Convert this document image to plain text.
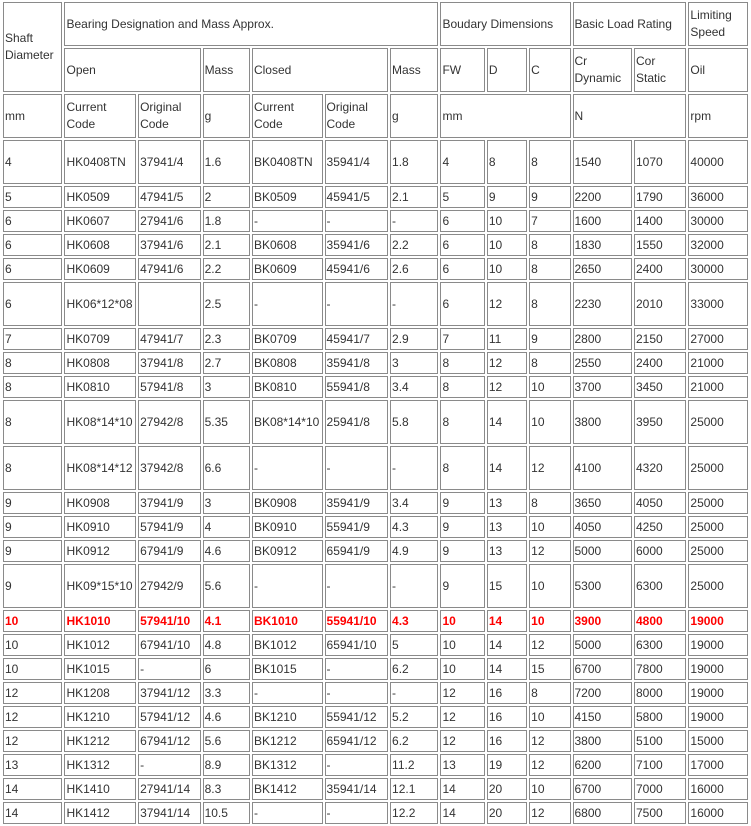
Shaft Diameter	Bearing Designation and Mass Approx.						Boudary Dimensions			Basic Load Rating		Limiting Speed
	Open		Mass	Closed		Mass	FW	D	C	Cr Dynamic	Cor Static	Oil
mm	Current Code	Original Code	g	Current Code	Original Code	g	mm			N		rpm
4	HK0408TN	37941/4	1.6	BK0408TN	35941/4	1.8	4	8	8	1540	1070	40000
5	HK0509	47941/5	2	BK0509	45941/5	2.1	5	9	9	2200	1790	36000
6	HK0607	27941/6	1.8	-	-	-	6	10	7	1600	1400	30000
6	HK0608	37941/6	2.1	BK0608	35941/6	2.2	6	10	8	1830	1550	32000
6	HK0609	47941/6	2.2	BK0609	45941/6	2.6	6	10	8	2650	2400	30000
6	HK06*12*08		2.5	-	-	-	6	12	8	2230	2010	33000
7	HK0709	47941/7	2.3	BK0709	45941/7	2.9	7	11	9	2800	2150	27000
8	HK0808	37941/8	2.7	BK0808	35941/8	3	8	12	8	2550	2400	21000
8	HK0810	57941/8	3	BK0810	55941/8	3.4	8	12	10	3700	3450	21000
8	HK08*14*10	27942/8	5.35	BK08*14*10	25941/8	5.8	8	14	10	3800	3950	25000
8	HK08*14*12	37942/8	6.6	-	-	-	8	14	12	4100	4320	25000
9	HK0908	37941/9	3	BK0908	35941/9	3.4	9	13	8	3650	4050	25000
9	HK0910	57941/9	4	BK0910	55941/9	4.3	9	13	10	4050	4250	25000
9	HK0912	67941/9	4.6	BK0912	65941/9	4.9	9	13	12	5000	6000	25000
9	HK09*15*10	27942/9	5.6	-	-	-	9	15	10	5300	6300	25000
10	HK1010	57941/10	4.1	BK1010	55941/10	4.3	10	14	10	3900	4800	19000
10	HK1012	67941/10	4.8	BK1012	65941/10	5	10	14	12	5000	6300	19000
10	HK1015	-	6	BK1015	-	6.2	10	14	15	6700	7800	19000
12	HK1208	37941/12	3.3	-	-	-	12	16	8	7200	8000	19000
12	HK1210	57941/12	4.6	BK1210	55941/12	5.2	12	16	10	4150	5800	19000
12	HK1212	67941/12	5.6	BK1212	65941/12	6.2	12	16	12	3800	5100	15000
13	HK1312	-	8.9	BK1312	-	11.2	13	19	12	6200	7100	17000
14	HK1410	27941/14	8.3	BK1412	35941/14	12.1	14	20	10	6700	7000	16000
14	HK1412	37941/14	10.5	-	-	12.2	14	20	12	6800	7500	16000
